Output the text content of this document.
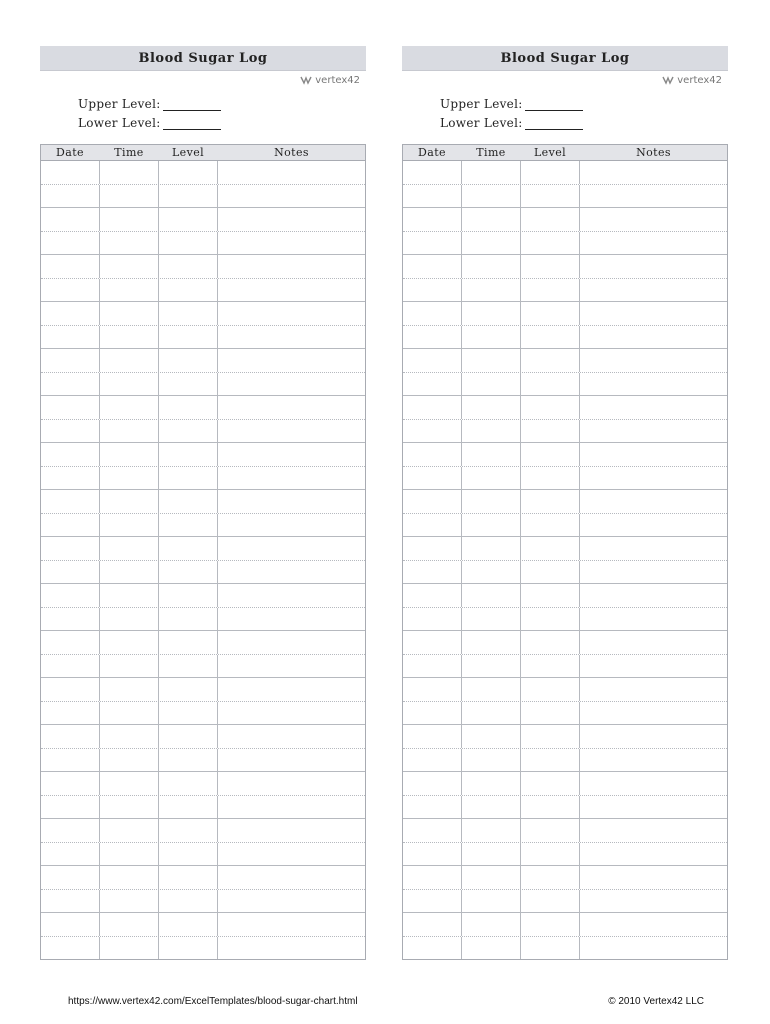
Blood Sugar Log
vertex42
Upper Level:
Lower Level:
Date	Time	Level	Notes
Blood Sugar Log
vertex42
Upper Level:
Lower Level:
Date	Time	Level	Notes
https://www.vertex42.com/ExcelTemplates/blood-sugar-chart.html	© 2010 Vertex42 LLC
